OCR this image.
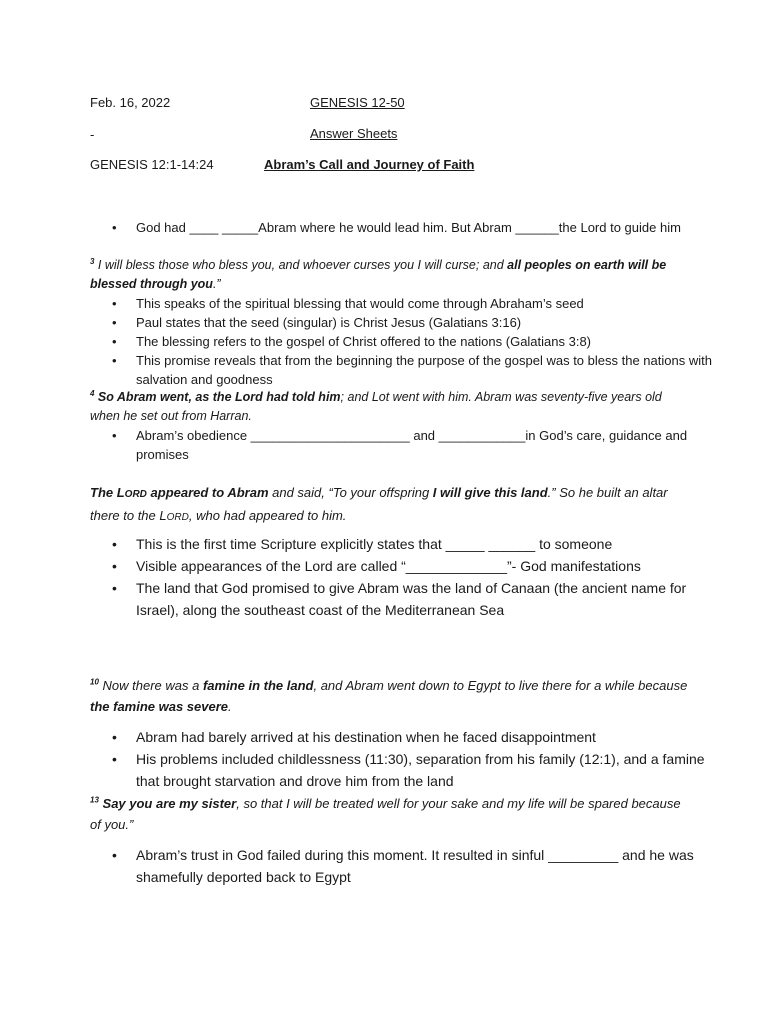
Feb. 16, 2022	GENESIS 12-50
-	Answer Sheets
GENESIS 12:1-14:24	Abram’s Call and Journey of Faith
• God had ____ _____Abram where he would lead him. But Abram ______the Lord to guide him
$^3$ I will bless those who bless you, and whoever curses you I will curse; and all peoples on earth will be blessed through you.”
• This speaks of the spiritual blessing that would come through Abraham’s seed
• Paul states that the seed (singular) is Christ Jesus (Galatians 3:16)
• The blessing refers to the gospel of Christ offered to the nations (Galatians 3:8)
• This promise reveals that from the beginning the purpose of the gospel was to bless the nations with salvation and goodness
$^4$ So Abram went, as the Lord had told him; and Lot went with him. Abram was seventy-five years old when he set out from Harran.
• Abram’s obedience ______________________ and ____________in God’s care, guidance and promises
The LORD appeared to Abram and said, “To your offspring I will give this land.” So he built an altar there to the LORD, who had appeared to him.
• This is the first time Scripture explicitly states that _____ ______ to someone
• Visible appearances of the Lord are called “_____________”- God manifestations
• The land that God promised to give Abram was the land of Canaan (the ancient name for Israel), along the southeast coast of the Mediterranean Sea
$^{10}$ Now there was a famine in the land, and Abram went down to Egypt to live there for a while because the famine was severe.
• Abram had barely arrived at his destination when he faced disappointment
• His problems included childlessness (11:30), separation from his family (12:1), and a famine that brought starvation and drove him from the land
$^{13}$ Say you are my sister, so that I will be treated well for your sake and my life will be spared because of you.”
• Abram’s trust in God failed during this moment. It resulted in sinful _________ and he was shamefully deported back to Egypt
